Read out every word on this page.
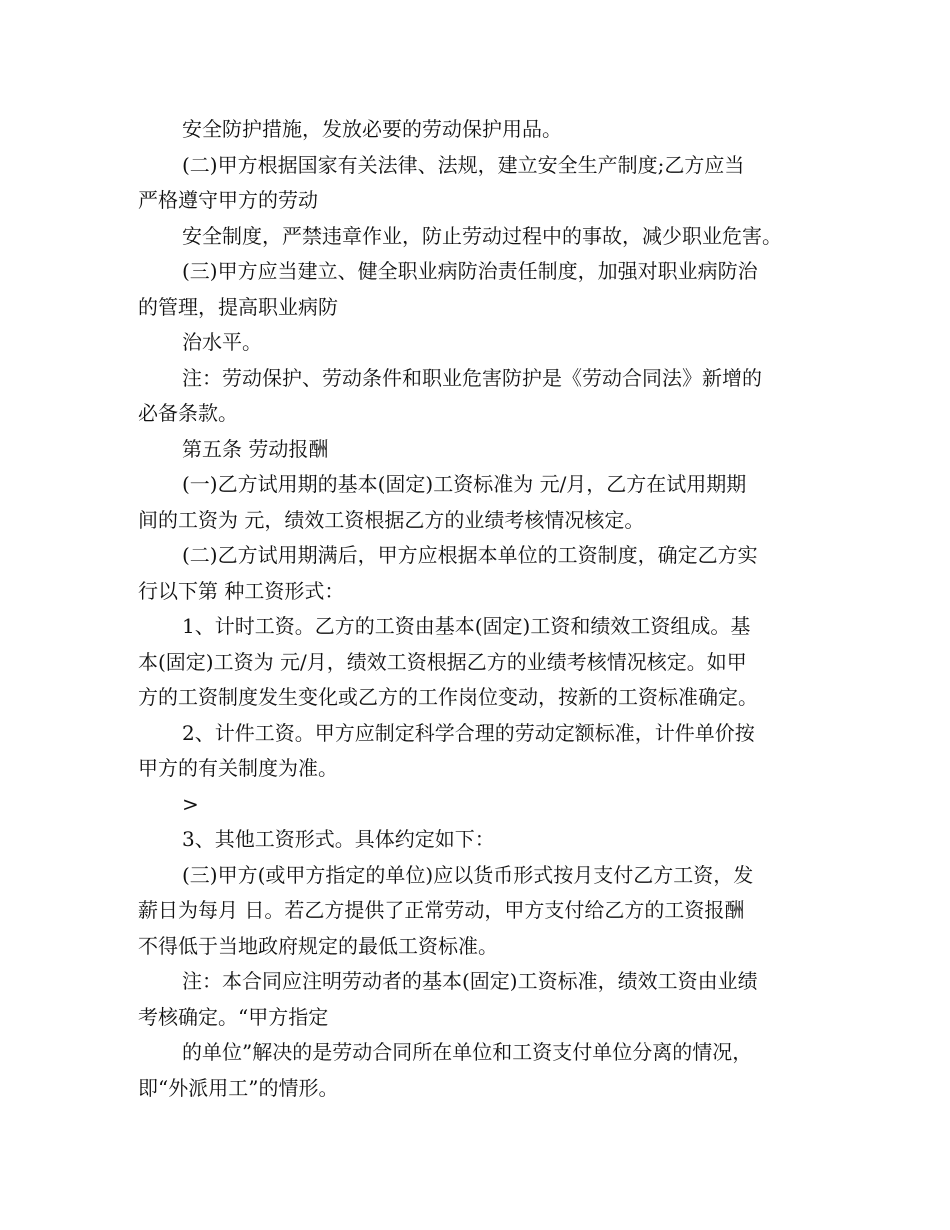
安全防护措施，发放必要的劳动保护用品。
(二)甲方根据国家有关法律、法规，建立安全生产制度;乙方应当
严格遵守甲方的劳动
安全制度，严禁违章作业，防止劳动过程中的事故，减少职业危害。
(三)甲方应当建立、健全职业病防治责任制度，加强对职业病防治
的管理，提高职业病防
治水平。
注：劳动保护、劳动条件和职业危害防护是《劳动合同法》新增的
必备条款。
第五条 劳动报酬
(一)乙方试用期的基本(固定)工资标准为 元/月，乙方在试用期期
间的工资为 元，绩效工资根据乙方的业绩考核情况核定。
(二)乙方试用期满后，甲方应根据本单位的工资制度，确定乙方实
行以下第 种工资形式：
1、计时工资。乙方的工资由基本(固定)工资和绩效工资组成。基
本(固定)工资为 元/月，绩效工资根据乙方的业绩考核情况核定。如甲
方的工资制度发生变化或乙方的工作岗位变动，按新的工资标准确定。
2、计件工资。甲方应制定科学合理的劳动定额标准，计件单价按
甲方的有关制度为准。
>
3、其他工资形式。具体约定如下：
(三)甲方(或甲方指定的单位)应以货币形式按月支付乙方工资，发
薪日为每月 日。若乙方提供了正常劳动，甲方支付给乙方的工资报酬
不得低于当地政府规定的最低工资标准。
注：本合同应注明劳动者的基本(固定)工资标准，绩效工资由业绩
考核确定。“甲方指定
的单位”解决的是劳动合同所在单位和工资支付单位分离的情况，
即“外派用工”的情形。
